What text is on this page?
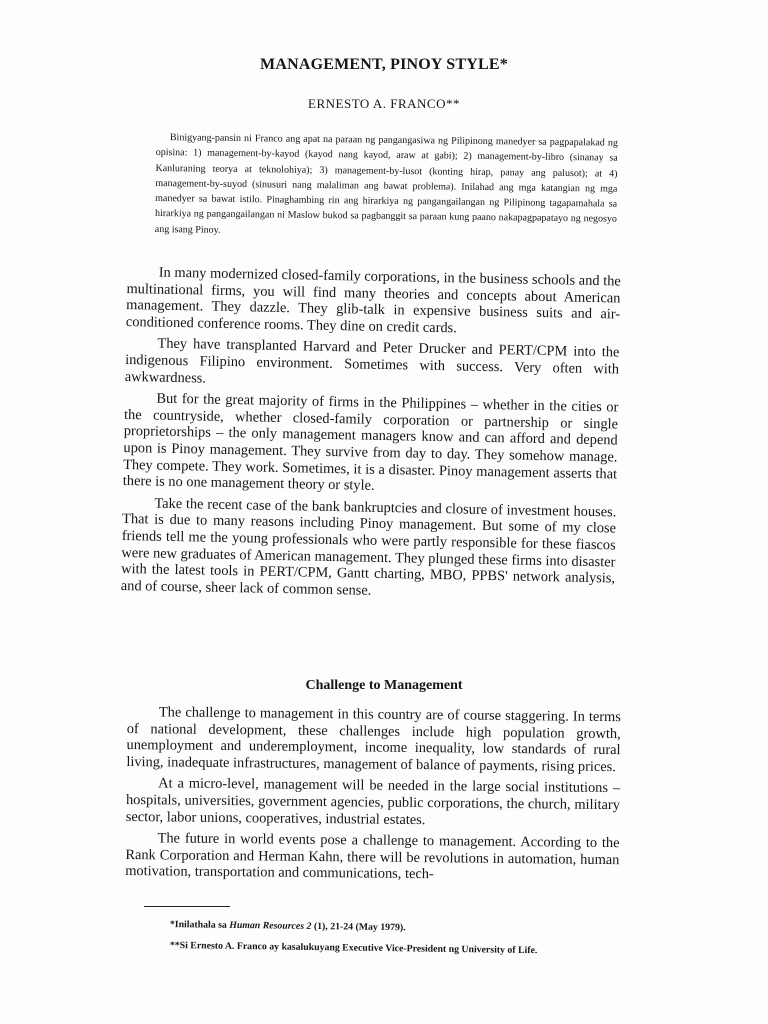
MANAGEMENT, PINOY STYLE*
ERNESTO A. FRANCO**
Binigyang-pansin ni Franco ang apat na paraan ng pangangasiwa ng Pilipinong manedyer sa pagpapalakad ng opisina: 1) management-by-kayod (kayod nang kayod, araw at gabi); 2) management-by-libro (sinanay sa Kanluraning teorya at teknolohiya); 3) management-by-lusot (konting hirap, panay ang palusot); at 4) management-by-suyod (sinusuri nang malaliman ang bawat problema). Inilahad ang mga katangian ng mga manedyer sa bawat istilo. Pinaghambing rin ang hirarkiya ng pangangailangan ng Pilipinong tagapamahala sa hirarkiya ng pangangailangan ni Maslow bukod sa pagbanggit sa paraan kung paano nakapagpapatayo ng negosyo ang isang Pinoy.

In many modernized closed-family corporations, in the business schools and the multinational firms, you will find many theories and concepts about American management. They dazzle. They glib-talk in expensive business suits and air-conditioned conference rooms. They dine on credit cards.

They have transplanted Harvard and Peter Drucker and PERT/CPM into the indigenous Filipino environment. Sometimes with success. Very often with awkwardness.

But for the great majority of firms in the Philippines – whether in the cities or the countryside, whether closed-family corporation or partnership or single proprietorships – the only management managers know and can afford and depend upon is Pinoy management. They survive from day to day. They somehow manage. They compete. They work. Sometimes, it is a disaster. Pinoy management asserts that there is no one management theory or style.

Take the recent case of the bank bankruptcies and closure of investment houses. That is due to many reasons including Pinoy management. But some of my close friends tell me the young professionals who were partly responsible for these fiascos were new graduates of American management. They plunged these firms into disaster with the latest tools in PERT/CPM, Gantt charting, MBO, PPBS' network analysis, and of course, sheer lack of common sense.

Challenge to Management

The challenge to management in this country are of course staggering. In terms of national development, these challenges include high population growth, unemployment and underemployment, income inequality, low standards of rural living, inadequate infrastructures, management of balance of payments, rising prices.

At a micro-level, management will be needed in the large social institutions – hospitals, universities, government agencies, public corporations, the church, military sector, labor unions, cooperatives, industrial estates.

The future in world events pose a challenge to management. According to the Rank Corporation and Herman Kahn, there will be revolutions in automation, human motivation, transportation and communications, tech-

*Inilathala sa Human Resources 2 (1), 21-24 (May 1979).
**Si Ernesto A. Franco ay kasalukuyang Executive Vice-President ng University of Life.
